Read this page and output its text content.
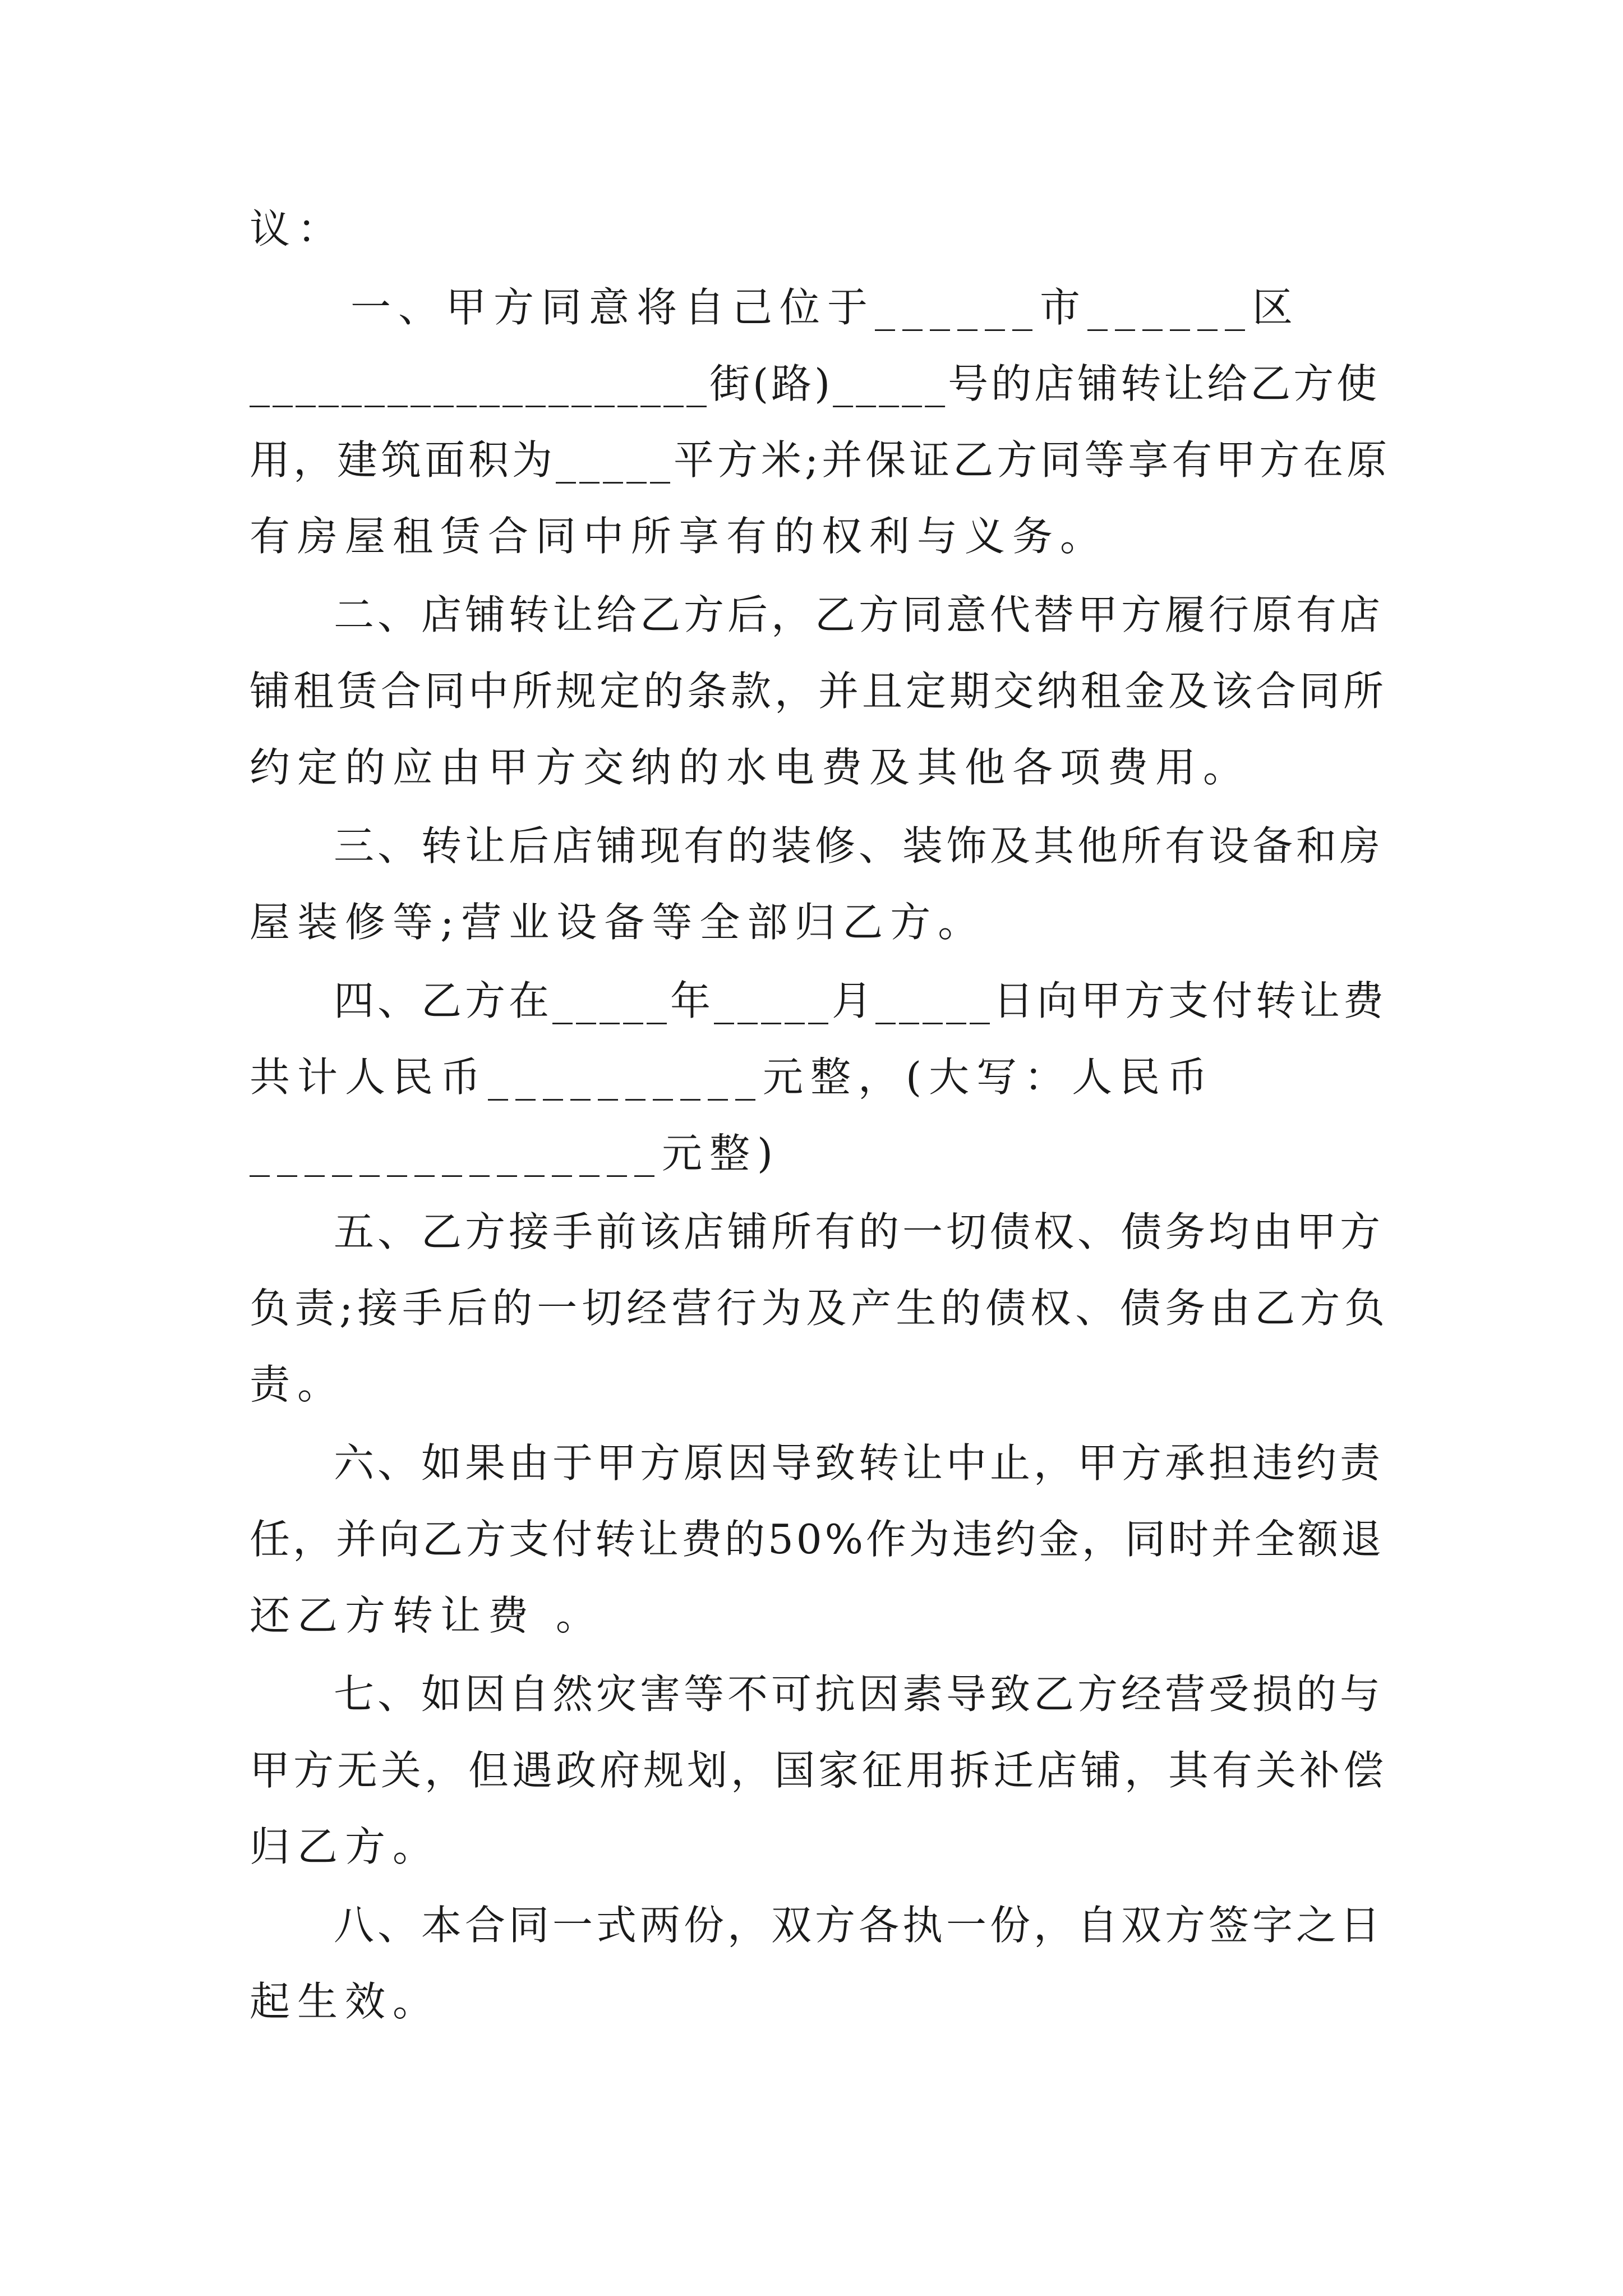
议：
一、甲方同意将自己位于______市______区
____________________街(路)_____号的店铺转让给乙方使
用，建筑面积为_____平方米;并保证乙方同等享有甲方在原
有房屋租赁合同中所享有的权利与义务。
二、店铺转让给乙方后，乙方同意代替甲方履行原有店
铺租赁合同中所规定的条款，并且定期交纳租金及该合同所
约定的应由甲方交纳的水电费及其他各项费用。
三、转让后店铺现有的装修、装饰及其他所有设备和房
屋装修等;营业设备等全部归乙方。
四、乙方在_____年_____月_____日向甲方支付转让费
共计人民币__________元整，(大写：人民币
_______________元整)
五、乙方接手前该店铺所有的一切债权、债务均由甲方
负责;接手后的一切经营行为及产生的债权、债务由乙方负
责。
六、如果由于甲方原因导致转让中止，甲方承担违约责
任，并向乙方支付转让费的50%作为违约金，同时并全额退
还乙方转让费 。
七、如因自然灾害等不可抗因素导致乙方经营受损的与
甲方无关，但遇政府规划，国家征用拆迁店铺，其有关补偿
归乙方。
八、本合同一式两份，双方各执一份，自双方签字之日
起生效。
